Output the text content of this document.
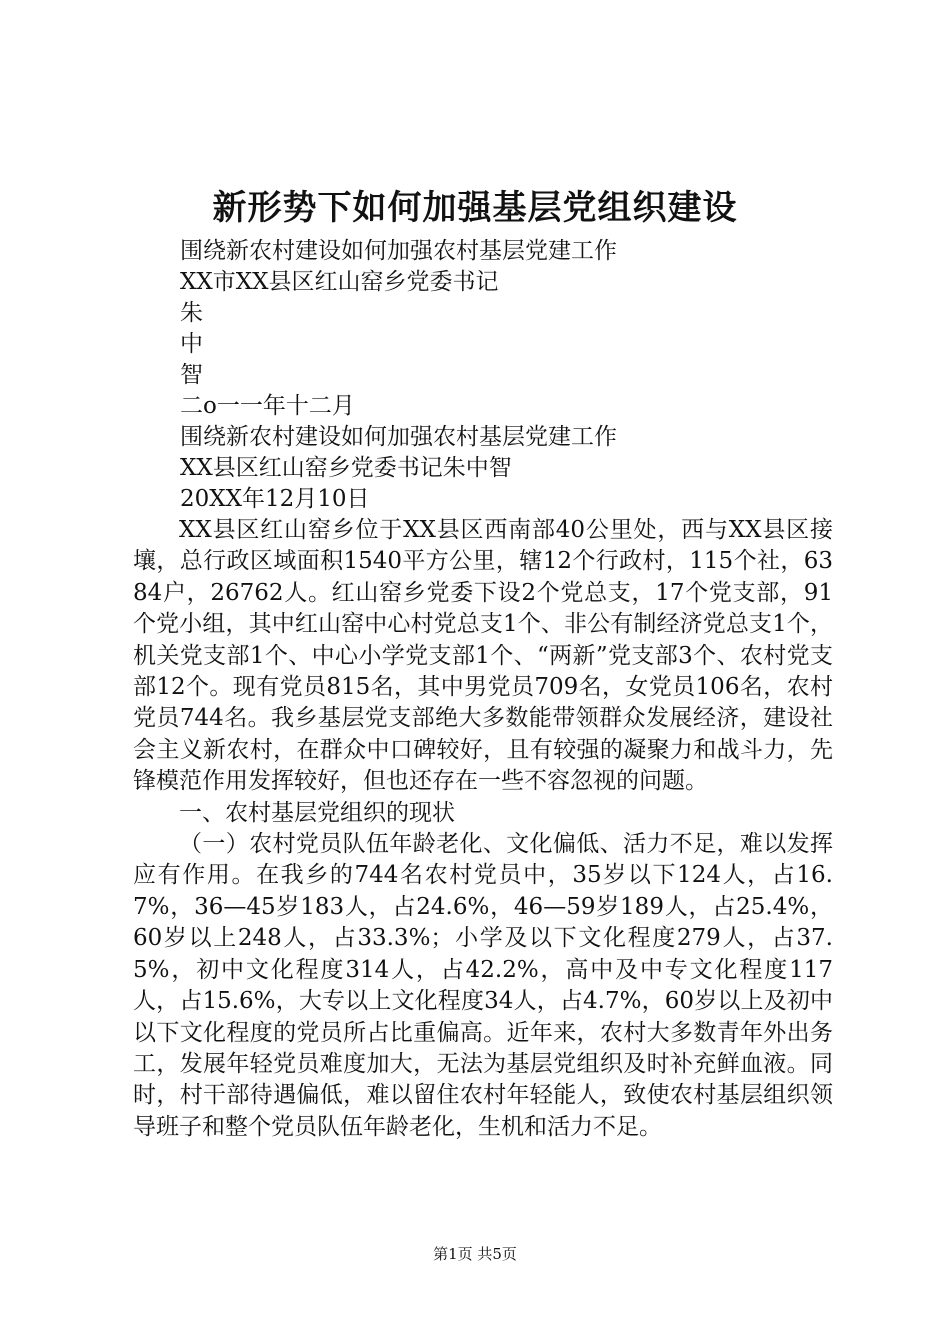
新形势下如何加强基层党组织建设
围绕新农村建设如何加强农村基层党建工作
XX市XX县区红山窑乡党委书记
朱
中
智
二o一一年十二月
围绕新农村建设如何加强农村基层党建工作
XX县区红山窑乡党委书记朱中智
20XX年12月10日

XX县区红山窑乡位于XX县区西南部40公里处，西与XX县区接壤，总行政区域面积1540平方公里，辖12个行政村，115个社，6384户，26762人。红山窑乡党委下设2个党总支，17个党支部，91个党小组，其中红山窑中心村党总支1个、非公有制经济党总支1个，机关党支部1个、中心小学党支部1个、“两新”党支部3个、农村党支部12个。现有党员815名，其中男党员709名，女党员106名，农村党员744名。我乡基层党支部绝大多数能带领群众发展经济，建设社会主义新农村，在群众中口碑较好，且有较强的凝聚力和战斗力，先锋模范作用发挥较好，但也还存在一些不容忽视的问题。

一、农村基层党组织的现状

（一）农村党员队伍年龄老化、文化偏低、活力不足，难以发挥应有作用。在我乡的744名农村党员中，35岁以下124人，占16.7%，36—45岁183人，占24.6%，46—59岁189人，占25.4%，60岁以上248人，占33.3%；小学及以下文化程度279人，占37.5%，初中文化程度314人，占42.2%，高中及中专文化程度117人，占15.6%，大专以上文化程度34人，占4.7%，60岁以上及初中以下文化程度的党员所占比重偏高。近年来，农村大多数青年外出务工，发展年轻党员难度加大，无法为基层党组织及时补充鲜血液。同时，村干部待遇偏低，难以留住农村年轻能人，致使农村基层组织领导班子和整个党员队伍年龄老化，生机和活力不足。

第1页 共5页
